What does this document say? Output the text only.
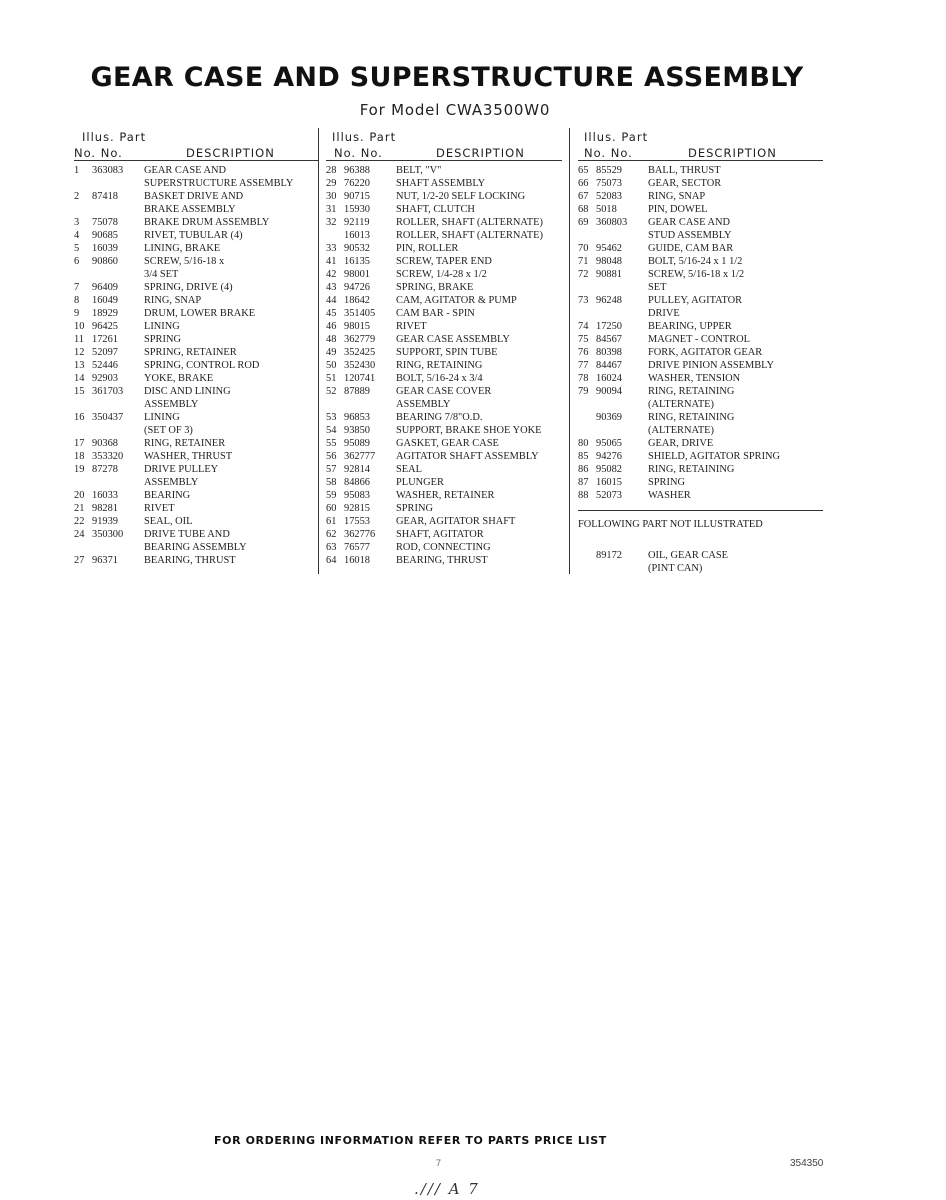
GEAR CASE AND SUPERSTRUCTURE ASSEMBLY
For Model CWA3500W0
Illus. Part
No. No.	DESCRIPTION
1	363083	GEAR CASE AND
SUPERSTRUCTURE ASSEMBLY
2	87418	BASKET DRIVE AND
BRAKE ASSEMBLY
3	75078	BRAKE DRUM ASSEMBLY
4	90685	RIVET, TUBULAR (4)
5	16039	LINING, BRAKE
6	90860	SCREW, 5/16-18 x
3/4 SET
7	96409	SPRING, DRIVE (4)
8	16049	RING, SNAP
9	18929	DRUM, LOWER BRAKE
10 96425	LINING
11 17261	SPRING
12 52097	SPRING, RETAINER
13 52446	SPRING, CONTROL ROD
14 92903	YOKE, BRAKE
15 361703	DISC AND LINING
ASSEMBLY
16 350437	LINING
(SET OF 3)
17 90368	RING, RETAINER
18 353320	WASHER, THRUST
19 87278	DRIVE PULLEY
ASSEMBLY
20 16033	BEARING
21 98281	RIVET
22 91939	SEAL, OIL
24 350300	DRIVE TUBE AND
BEARING ASSEMBLY
27 96371	BEARING, THRUST
Illus. Part
No. No.	DESCRIPTION
28 96388	BELT, "V"
29 76220	SHAFT ASSEMBLY
30 90715	NUT, 1/2-20 SELF LOCKING
31 15930	SHAFT, CLUTCH
32 92119	ROLLER, SHAFT (ALTERNATE)
16013	ROLLER, SHAFT (ALTERNATE)
33 90532	PIN, ROLLER
41 16135	SCREW, TAPER END
42 98001	SCREW, 1/4-28 x 1/2
43 94726	SPRING, BRAKE
44 18642	CAM, AGITATOR & PUMP
45 351405	CAM BAR - SPIN
46 98015	RIVET
48 362779	GEAR CASE ASSEMBLY
49 352425	SUPPORT, SPIN TUBE
50 352430	RING, RETAINING
51 120741	BOLT, 5/16-24 x 3/4
52 87889	GEAR CASE COVER
ASSEMBLY
53 96853	BEARING 7/8"O.D.
54 93850	SUPPORT, BRAKE SHOE YOKE
55 95089	GASKET, GEAR CASE
56 362777	AGITATOR SHAFT ASSEMBLY
57 92814	SEAL
58 84866	PLUNGER
59 95083	WASHER, RETAINER
60 92815	SPRING
61 17553	GEAR, AGITATOR SHAFT
62 362776	SHAFT, AGITATOR
63 76577	ROD, CONNECTING
64 16018	BEARING, THRUST
Illus. Part
No. No.	DESCRIPTION
65 85529	BALL, THRUST
66 75073	GEAR, SECTOR
67 52083	RING, SNAP
68 5018	PIN, DOWEL
69 360803	GEAR CASE AND
STUD ASSEMBLY
70 95462	GUIDE, CAM BAR
71 98048	BOLT, 5/16-24 x 1 1/2
72 90881	SCREW, 5/16-18 x 1/2
SET
73 96248	PULLEY, AGITATOR
DRIVE
74 17250	BEARING, UPPER
75 84567	MAGNET - CONTROL
76 80398	FORK, AGITATOR GEAR
77 84467	DRIVE PINION ASSEMBLY
78 16024	WASHER, TENSION
79 90094	RING, RETAINING
(ALTERNATE)
90369	RING, RETAINING
(ALTERNATE)
80 95065	GEAR, DRIVE
85 94276	SHIELD, AGITATOR SPRING
86 95082	RING, RETAINING
87 16015	SPRING
88 52073	WASHER
FOLLOWING PART NOT ILLUSTRATED
89172	OIL, GEAR CASE
(PINT CAN)
FOR ORDERING INFORMATION REFER TO PARTS PRICE LIST
7	354350
./// A 7
